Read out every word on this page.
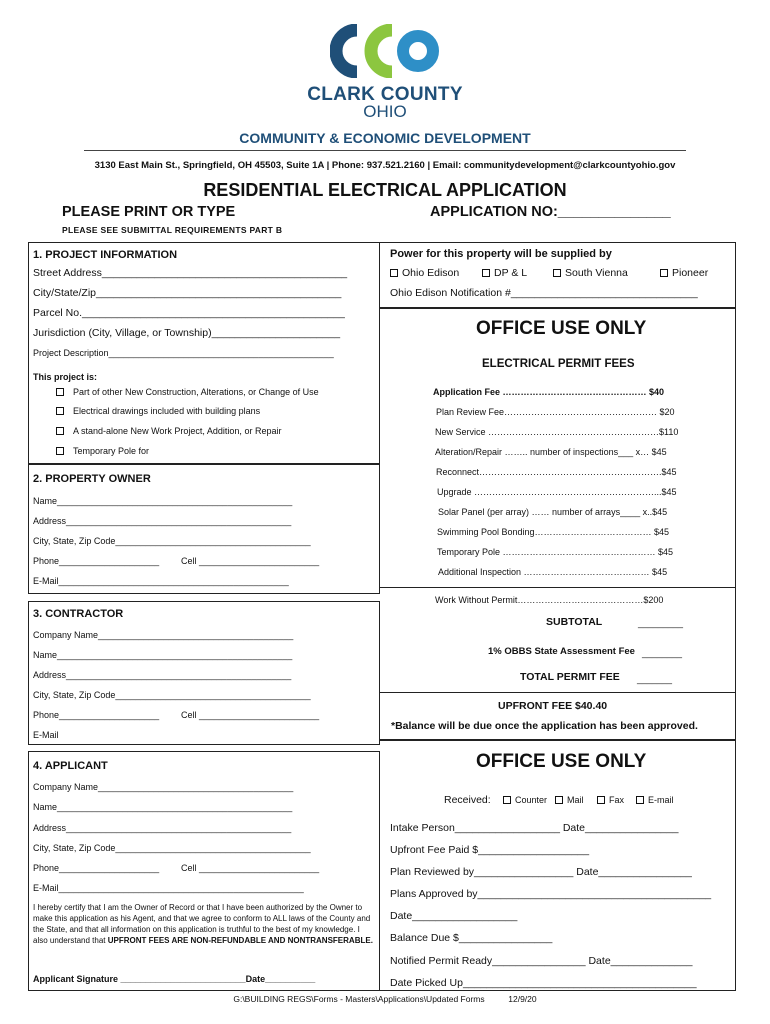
CLARK COUNTY
OHIO
COMMUNITY & ECONOMIC DEVELOPMENT
3130 East Main St., Springfield, OH 45503, Suite 1A | Phone: 937.521.2160 | Email: communitydevelopment@clarkcountyohio.gov
RESIDENTIAL ELECTRICAL APPLICATION
PLEASE PRINT OR TYPE	APPLICATION NO:______________
PLEASE SEE SUBMITTAL REQUIREMENTS PART B
1. PROJECT INFORMATION
Street Address__________________________________________
City/State/Zip__________________________________________
Parcel No._____________________________________________
Jurisdiction (City, Village, or Township)______________________
Project Description_____________________________________________
This project is:
Part of other New Construction, Alterations, or Change of Use
Electrical drawings included with building plans
A stand-alone New Work Project, Addition, or Repair
Temporary Pole for
Power for this property will be supplied by
Ohio Edison	DP & L	South Vienna	Pioneer
Ohio Edison Notification #________________________________
OFFICE USE ONLY
ELECTRICAL PERMIT FEES
Application Fee ………………………………………… $40
Plan Review Fee…………………………………………… $20
New Service …………………………………………………$110
Alteration/Repair …….. number of inspections___ x… $45
Reconnect…………………………………………………….$45
Upgrade ……………………………………………………...$45
Solar Panel (per array) …… number of arrays____ x..$45
Swimming Pool Bonding………………………………… $45
Temporary Pole …………………………………………… $45
Additional Inspection …………………………………… $45
Work Without Permit……………………………………$200
SUBTOTAL	_________
1% OBBS State Assessment Fee ________
TOTAL PERMIT FEE _______
UPFRONT FEE $40.40
*Balance will be due once the application has been approved.
2. PROPERTY OWNER
Name_______________________________________________
Address_____________________________________________
City, State, Zip Code_______________________________________
Phone____________________ Cell ________________________
E-Mail______________________________________________
3. CONTRACTOR
Company Name_______________________________________
Name_______________________________________________
Address_____________________________________________
City, State, Zip Code_______________________________________
Phone____________________ Cell ________________________
E-Mail
4. APPLICANT
Company Name_______________________________________
Name_______________________________________________
Address_____________________________________________
City, State, Zip Code_______________________________________
Phone____________________ Cell ________________________
E-Mail_________________________________________________
I hereby certify that I am the Owner of Record or that I have been authorized by the Owner to make this application as his Agent, and that we agree to conform to ALL laws of the County and the State, and that all information on this application is truthful to the best of my knowledge. I also understand that UPFRONT FEES ARE NON-REFUNDABLE AND NONTRANSFERABLE.
Applicant Signature _________________________Date__________
OFFICE USE ONLY
Received:	Counter	Mail	Fax	E-mail
Intake Person__________________ Date________________
Upfront Fee Paid $___________________
Plan Reviewed by_________________ Date________________
Plans Approved by________________________________________
Date__________________
Balance Due $________________
Notified Permit Ready________________ Date______________
Date Picked Up________________________________________
G:\BUILDING REGS\Forms - Masters\Applications\Updated Forms	12/9/20
